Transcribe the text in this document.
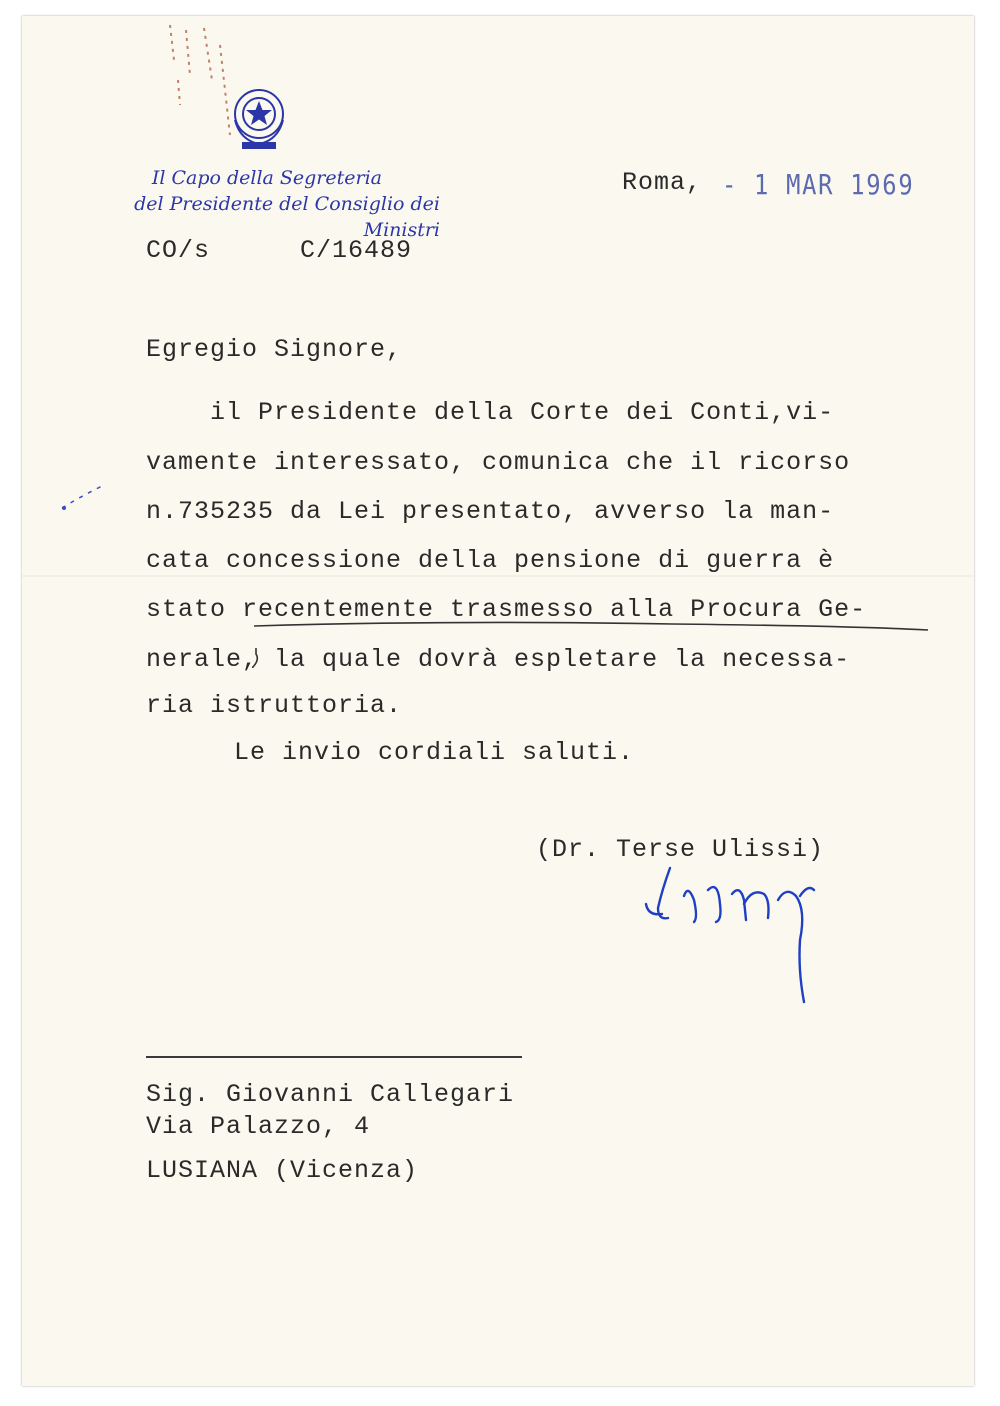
Il Capo della Segreteria
del Presidente del Consiglio dei Ministri
Roma, - 1 MAR 1969
CO/s	C/16489
Egregio Signore,
il Presidente della Corte dei Conti,vi-
vamente interessato, comunica che il ricorso
n.735235 da Lei presentato, avverso la man-
cata concessione della pensione di guerra è
stato recentemente trasmesso alla Procura Ge-
nerale, la quale dovrà espletare la necessa-
ria istruttoria.
Le invio cordiali saluti.
(Dr. Terse Ulissi)
Sig. Giovanni Callegari
Via Palazzo, 4
LUSIANA (Vicenza)
